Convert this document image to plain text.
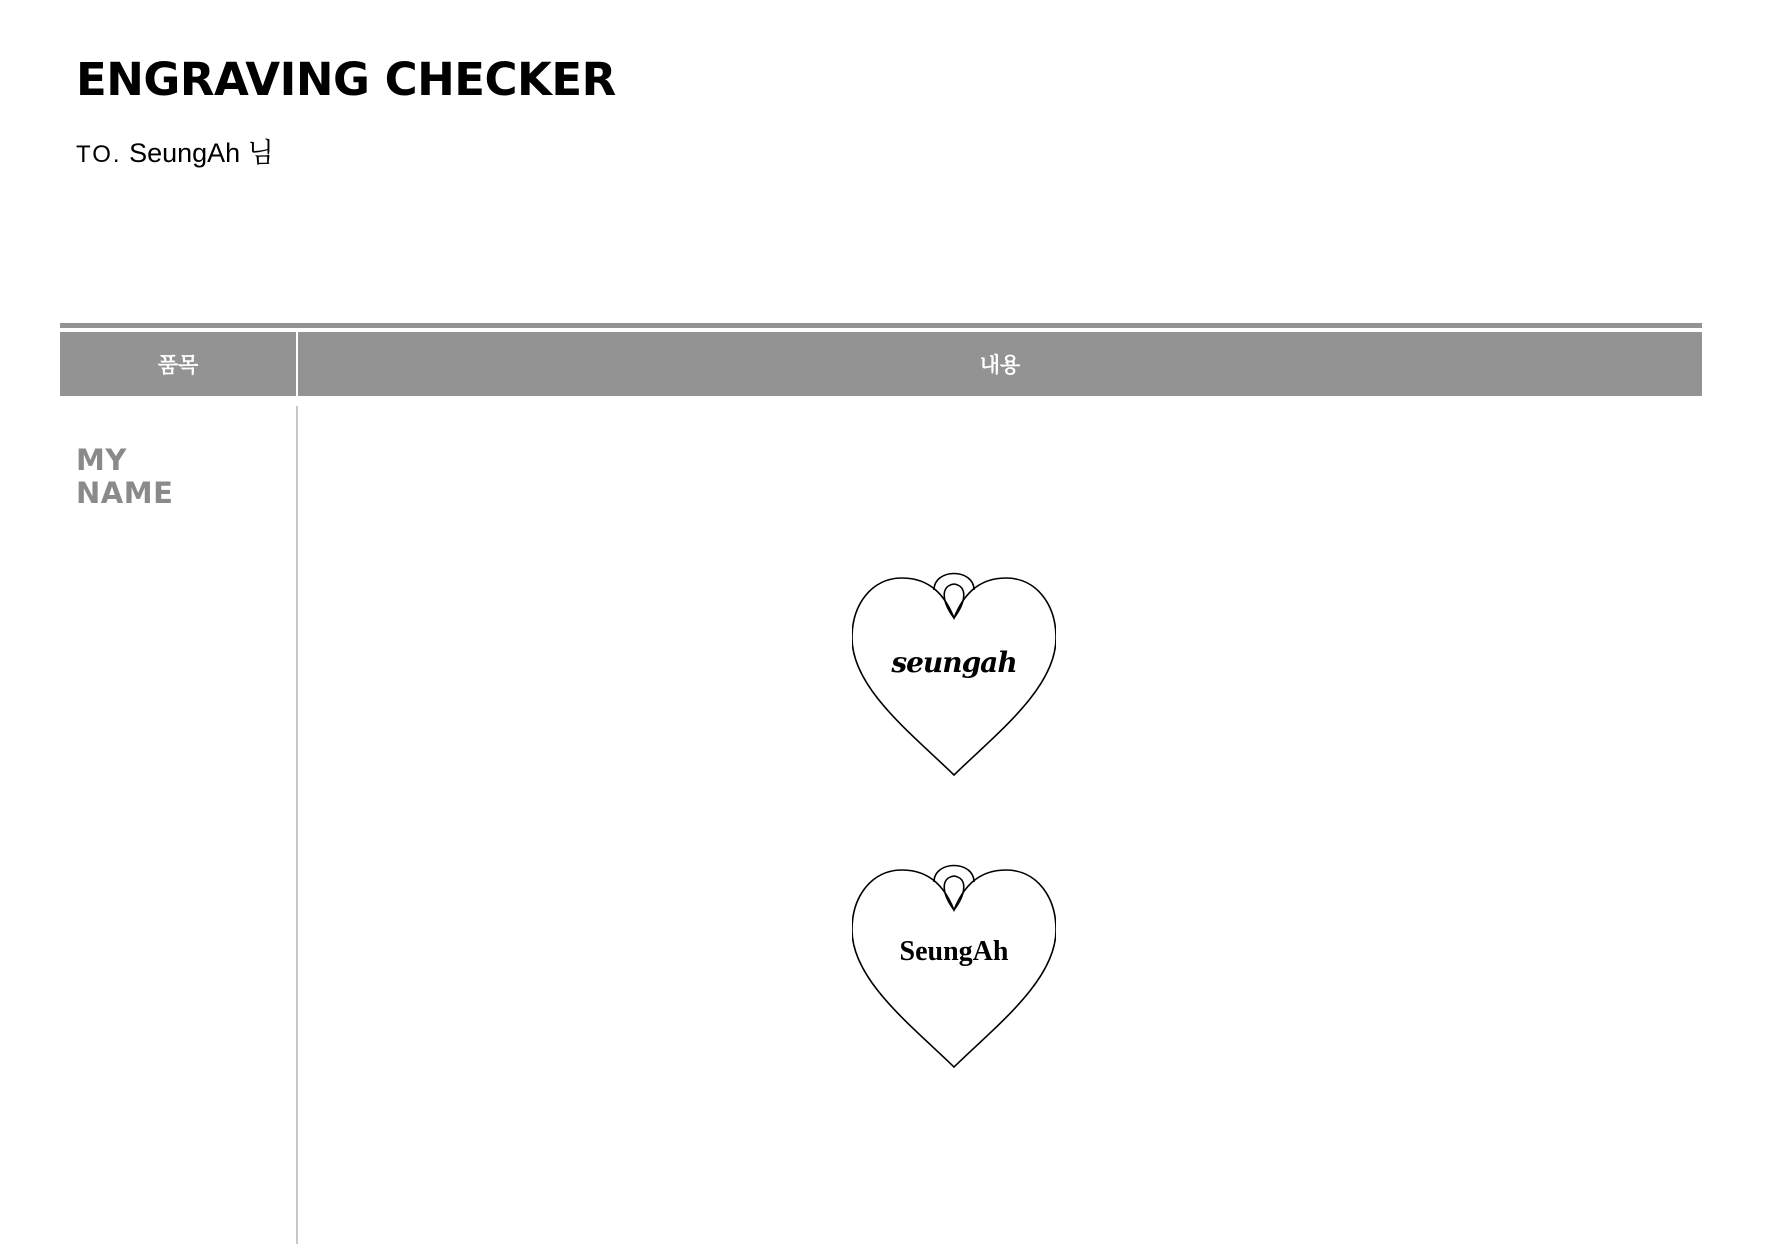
ENGRAVING CHECKER
TO. SeungAh 님
품목	내용
MY
NAME
seungah
SeungAh
